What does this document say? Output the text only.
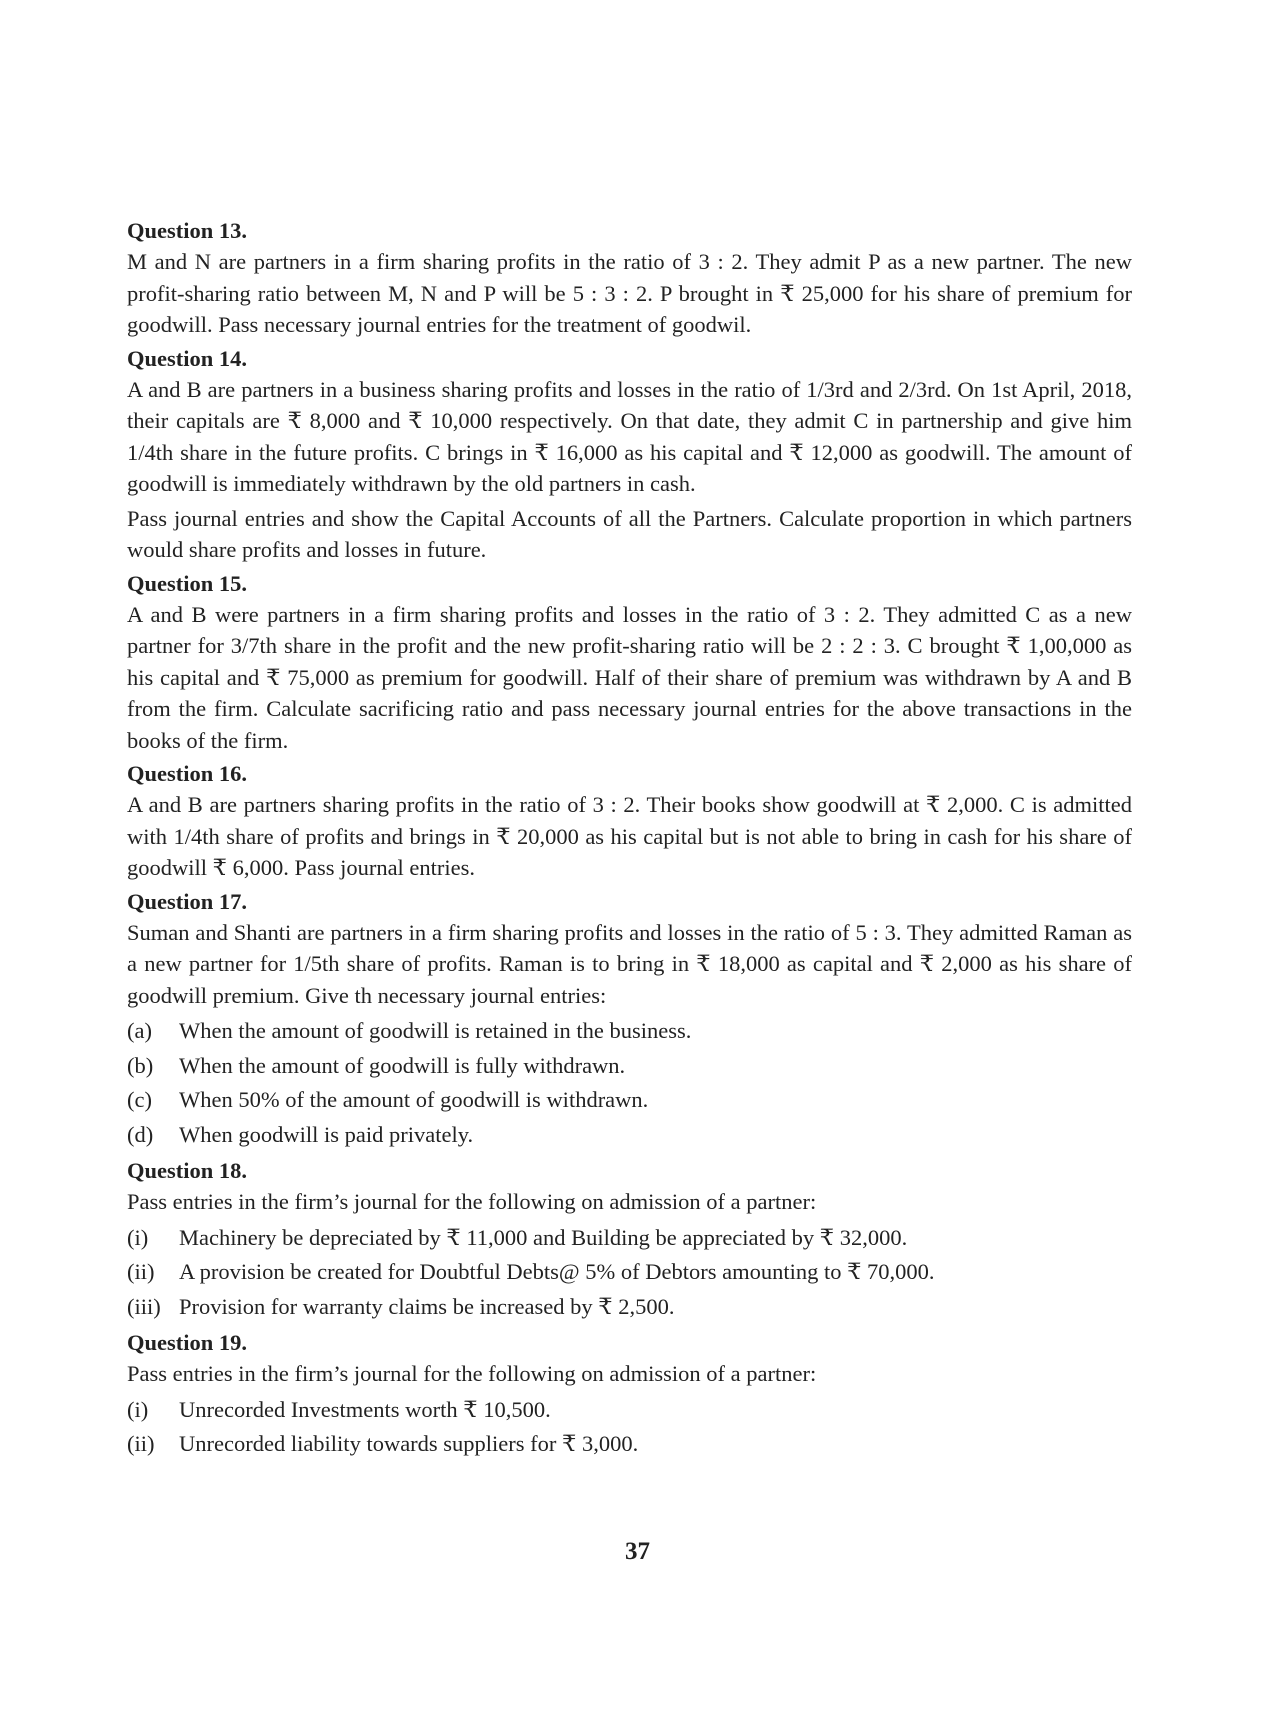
Question 13.

M and N are partners in a firm sharing profits in the ratio of 3 : 2. They admit P as a new partner. The new profit-sharing ratio between M, N and P will be 5 : 3 : 2. P brought in ₹ 25,000 for his share of premium for goodwill. Pass necessary journal entries for the treatment of goodwil.

Question 14.

A and B are partners in a business sharing profits and losses in the ratio of 1/3rd and 2/3rd. On 1st April, 2018, their capitals are ₹ 8,000 and ₹ 10,000 respectively. On that date, they admit C in partnership and give him 1/4th share in the future profits. C brings in ₹ 16,000 as his capital and ₹ 12,000 as goodwill. The amount of goodwill is immediately withdrawn by the old partners in cash.

Pass journal entries and show the Capital Accounts of all the Partners. Calculate proportion in which partners would share profits and losses in future.

Question 15.

A and B were partners in a firm sharing profits and losses in the ratio of 3 : 2. They admitted C as a new partner for 3/7th share in the profit and the new profit-sharing ratio will be 2 : 2 : 3. C brought ₹ 1,00,000 as his capital and ₹ 75,000 as premium for goodwill. Half of their share of premium was withdrawn by A and B from the firm. Calculate sacrificing ratio and pass necessary journal entries for the above transactions in the books of the firm.

Question 16.

A and B are partners sharing profits in the ratio of 3 : 2. Their books show goodwill at ₹ 2,000. C is admitted with 1/4th share of profits and brings in ₹ 20,000 as his capital but is not able to bring in cash for his share of goodwill ₹ 6,000. Pass journal entries.

Question 17.

Suman and Shanti are partners in a firm sharing profits and losses in the ratio of 5 : 3. They admitted Raman as a new partner for 1/5th share of profits. Raman is to bring in ₹ 18,000 as capital and ₹ 2,000 as his share of goodwill premium. Give th necessary journal entries:

(a)	When the amount of goodwill is retained in the business.
(b)	When the amount of goodwill is fully withdrawn.
(c)	When 50% of the amount of goodwill is withdrawn.
(d)	When goodwill is paid privately.
Question 18.

Pass entries in the firm’s journal for the following on admission of a partner:

(i)	Machinery be depreciated by ₹ 11,000 and Building be appreciated by ₹ 32,000.
(ii)	A provision be created for Doubtful Debts@ 5% of Debtors amounting to ₹ 70,000.
(iii) Provision for warranty claims be increased by ₹ 2,500.
Question 19.

Pass entries in the firm’s journal for the following on admission of a partner:

(i)	Unrecorded Investments worth ₹ 10,500.
(ii)	Unrecorded liability towards suppliers for ₹ 3,000.
37
